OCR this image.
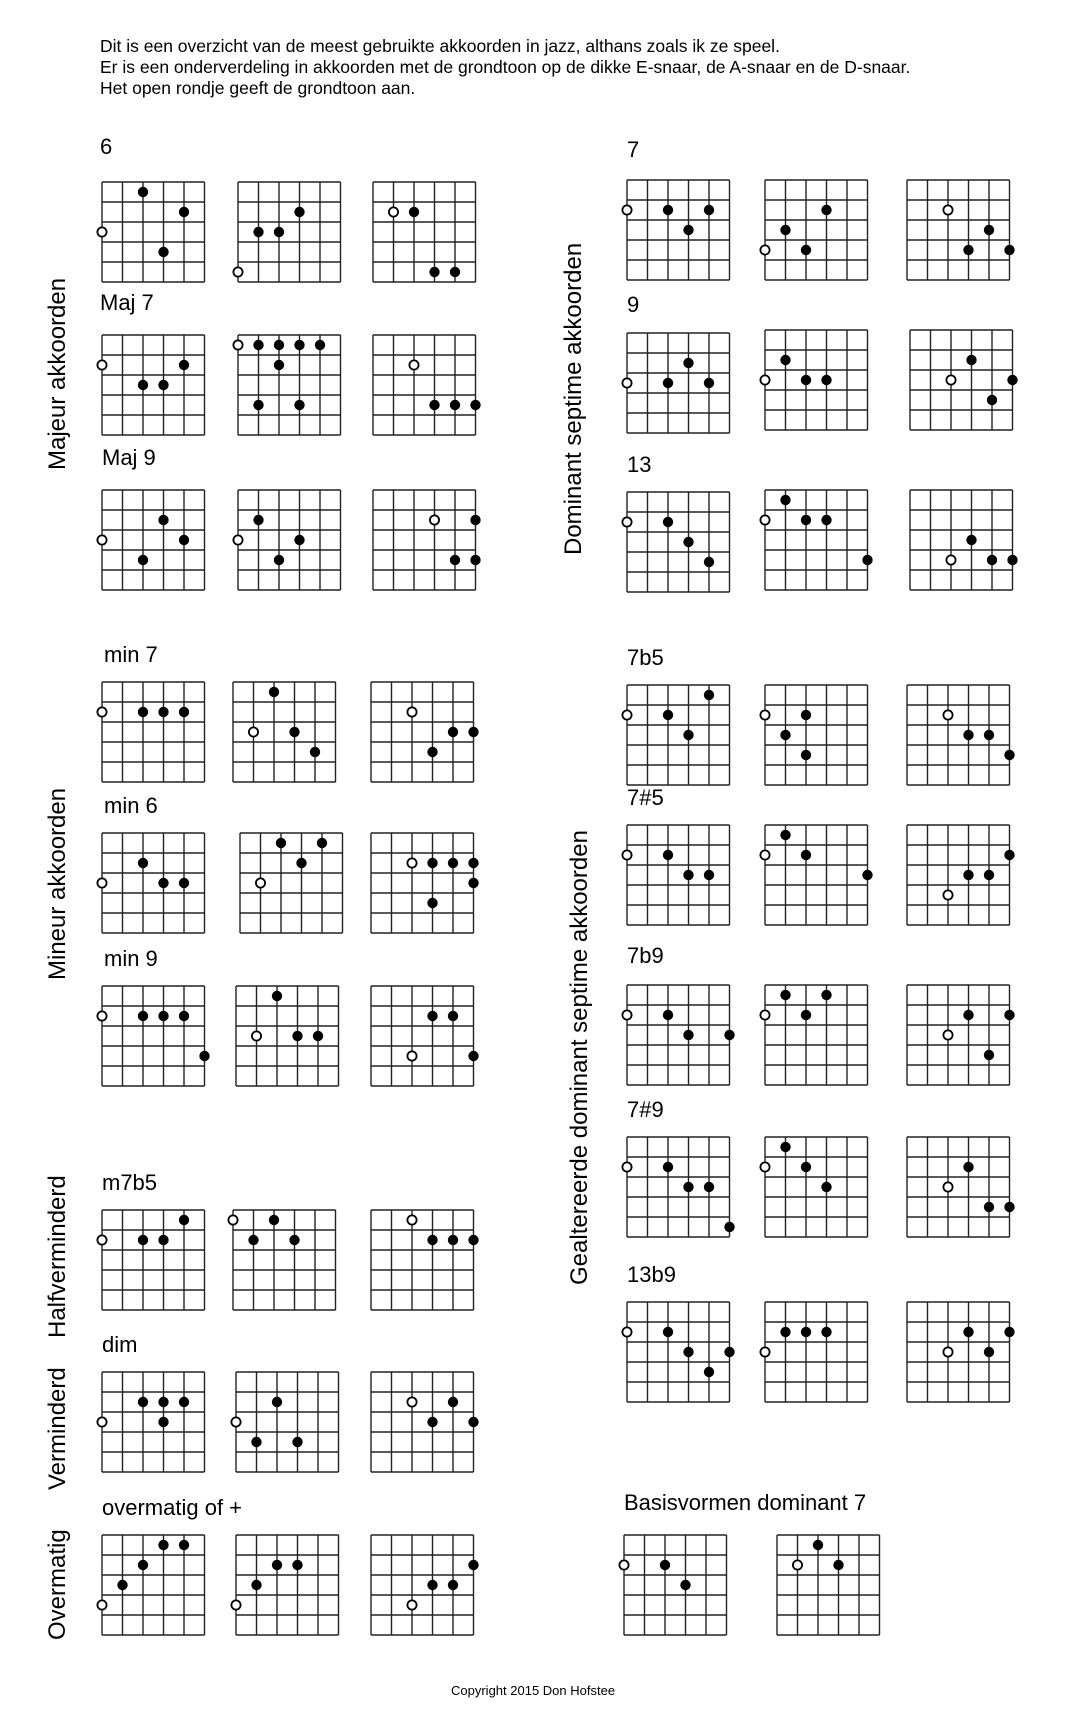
Dit is een overzicht van de meest gebruikte akkoorden in jazz, althans zoals ik ze speel.
Er is een onderverdeling in akkoorden met de grondtoon op de dikke E-snaar, de A-snaar en de D-snaar.
Het open rondje geeft de grondtoon aan.
Majeur akkoorden	Dominant septime akkoorden
Mineur akkoorden	Gealtereerde dominant septime akkoorden
Halfverminderd
Verminderd
Overmatig
6
Maj 7
Maj 9
7
9
13
min 7
min 6
min 9
7b5
7#5
7b9
7#9
13b9
m7b5
dim
overmatig of +	Basisvormen dominant 7
Copyright 2015 Don Hofstee
